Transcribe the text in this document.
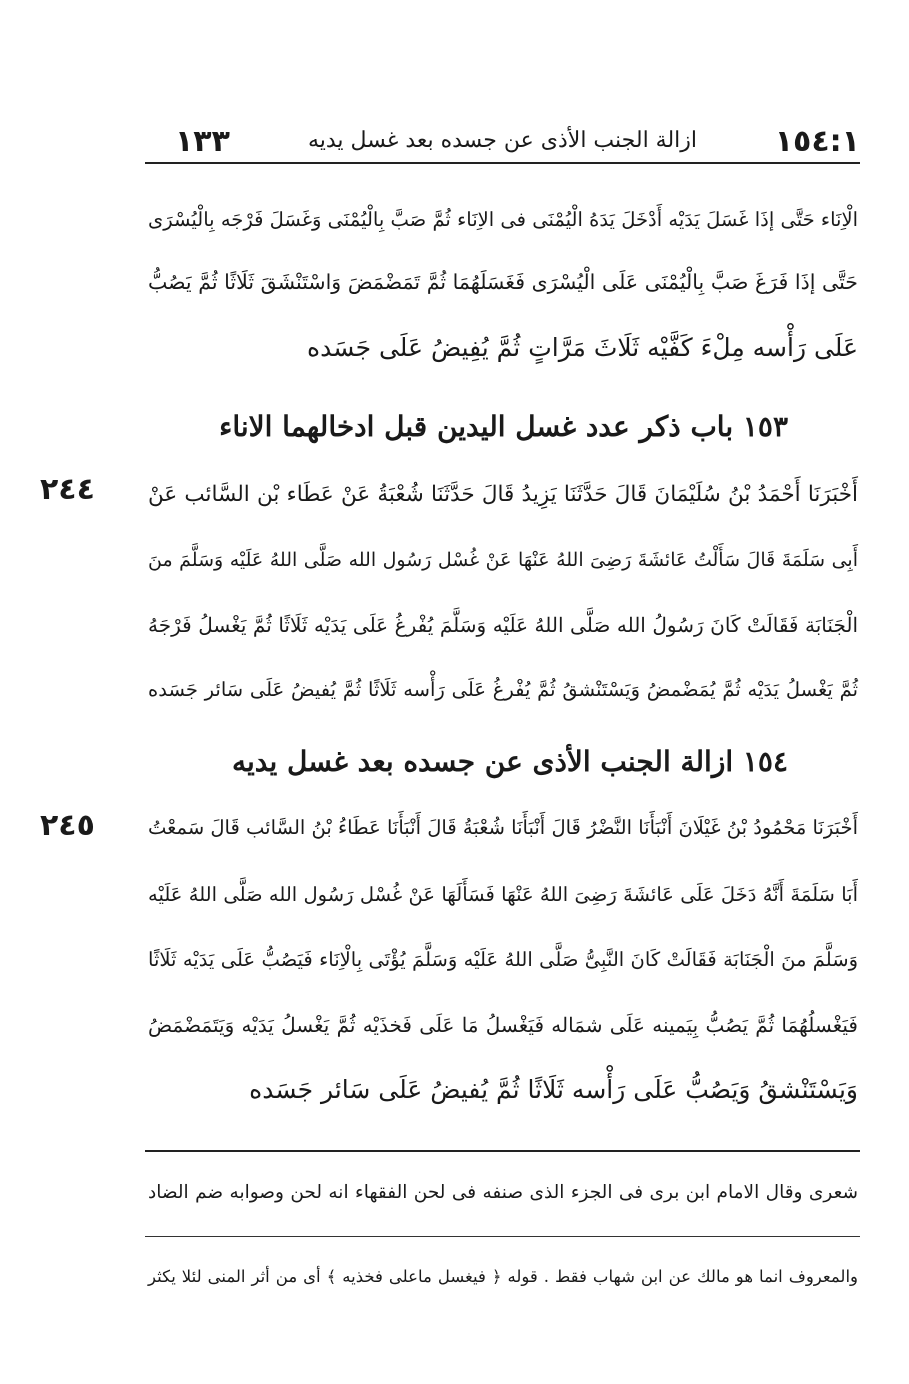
١٥٤:١
ازالة الجنب الأذى عن جسده بعد غسل يديه
١٣٣
الْاِنَاء حَتَّى إذَا غَسَلَ يَدَيْه أَدْخَلَ يَدَهُ الْيُمْنَى فى الاِنَاء ثُمَّ صَبَّ بِالْيُمْنَى وَغَسَلَ فَرْجَه بِالْيُسْرَى
حَتَّى إذَا فَرَغَ صَبَّ بِالْيُمْنَى عَلَى الْيُسْرَى فَغَسَلَهُمَا ثُمَّ تَمَضْمَضَ وَاسْتَنْشَقَ ثَلَاثًا ثُمَّ يَصُبُّ
عَلَى رَأْسه مِلْءَ كَفَّيْه ثَلَاثَ مَرَّاتٍ ثُمَّ يُفِيضُ عَلَى جَسَده
١٥٣ باب ذكر عدد غسل اليدين قبل ادخالهما الاناء
٢٤٤	أَخْبَرَنَا أَحْمَدُ بْنُ سُلَيْمَانَ قَالَ حَدَّثَنَا يَزِيدُ قَالَ حَدَّثَنَا شُعْبَةُ عَنْ عَطَاء بْن السَّائب عَنْ
أَبِى سَلَمَةَ قَالَ سَأَلْتُ عَائشَةَ رَضِىَ اللهُ عَنْهَا عَنْ غُسْل رَسُول الله صَلَّى اللهُ عَلَيْه وَسَلَّمَ منَ
الْجَنَابَة فَقَالَتْ كَانَ رَسُولُ الله صَلَّى اللهُ عَلَيْه وَسَلَّمَ يُفْرغُ عَلَى يَدَيْه ثَلَاثًا ثُمَّ يَغْسلُ فَرْجَهُ
ثُمَّ يَغْسلُ يَدَيْه ثُمَّ يُمَضْمضُ وَيَسْتَنْشقُ ثُمَّ يُفْرغُ عَلَى رَأْسه ثَلَاثًا ثُمَّ يُفيضُ عَلَى سَائر جَسَده
١٥٤ ازالة الجنب الأذى عن جسده بعد غسل يديه
٢٤٥	أَخْبَرَنَا مَحْمُودُ بْنُ غَيْلَانَ أَنْبَأَنَا النَّضْرُ قَالَ أَنْبَأَنَا شُعْبَةُ قَالَ أَنْبَأَنَا عَطَاءُ بْنُ السَّائب قَالَ سَمعْتُ
أَبَا سَلَمَةَ أَنَّهُ دَخَلَ عَلَى عَائشَةَ رَضِىَ اللهُ عَنْهَا فَسَأَلَهَا عَنْ غُسْل رَسُول الله صَلَّى اللهُ عَلَيْه
وَسَلَّمَ منَ الْجَنَابَة فَقَالَتْ كَانَ النَّبِىُّ صَلَّى اللهُ عَلَيْه وَسَلَّمَ يُؤْتَى بِالْاِنَاء فَيَصُبُّ عَلَى يَدَيْه ثَلَاثًا
فَيَغْسلُهُمَا ثُمَّ يَصُبُّ بِيَمينه عَلَى شمَاله فَيَغْسلُ مَا عَلَى فَخذَيْه ثُمَّ يَغْسلُ يَدَيْه وَيَتَمَضْمَضُ
وَيَسْتَنْشقُ وَيَصُبُّ عَلَى رَأْسه ثَلَاثًا ثُمَّ يُفيضُ عَلَى سَائر جَسَده
شعرى وقال الامام ابن برى فى الجزء الذى صنفه فى لحن الفقهاء انه لحن وصوابه ضم الضاد
والمعروف انما هو مالك عن ابن شهاب فقط . قوله ﴿ فيغسل ماعلى فخذيه ﴾ أى من أثر المنى لئلا يكثر
